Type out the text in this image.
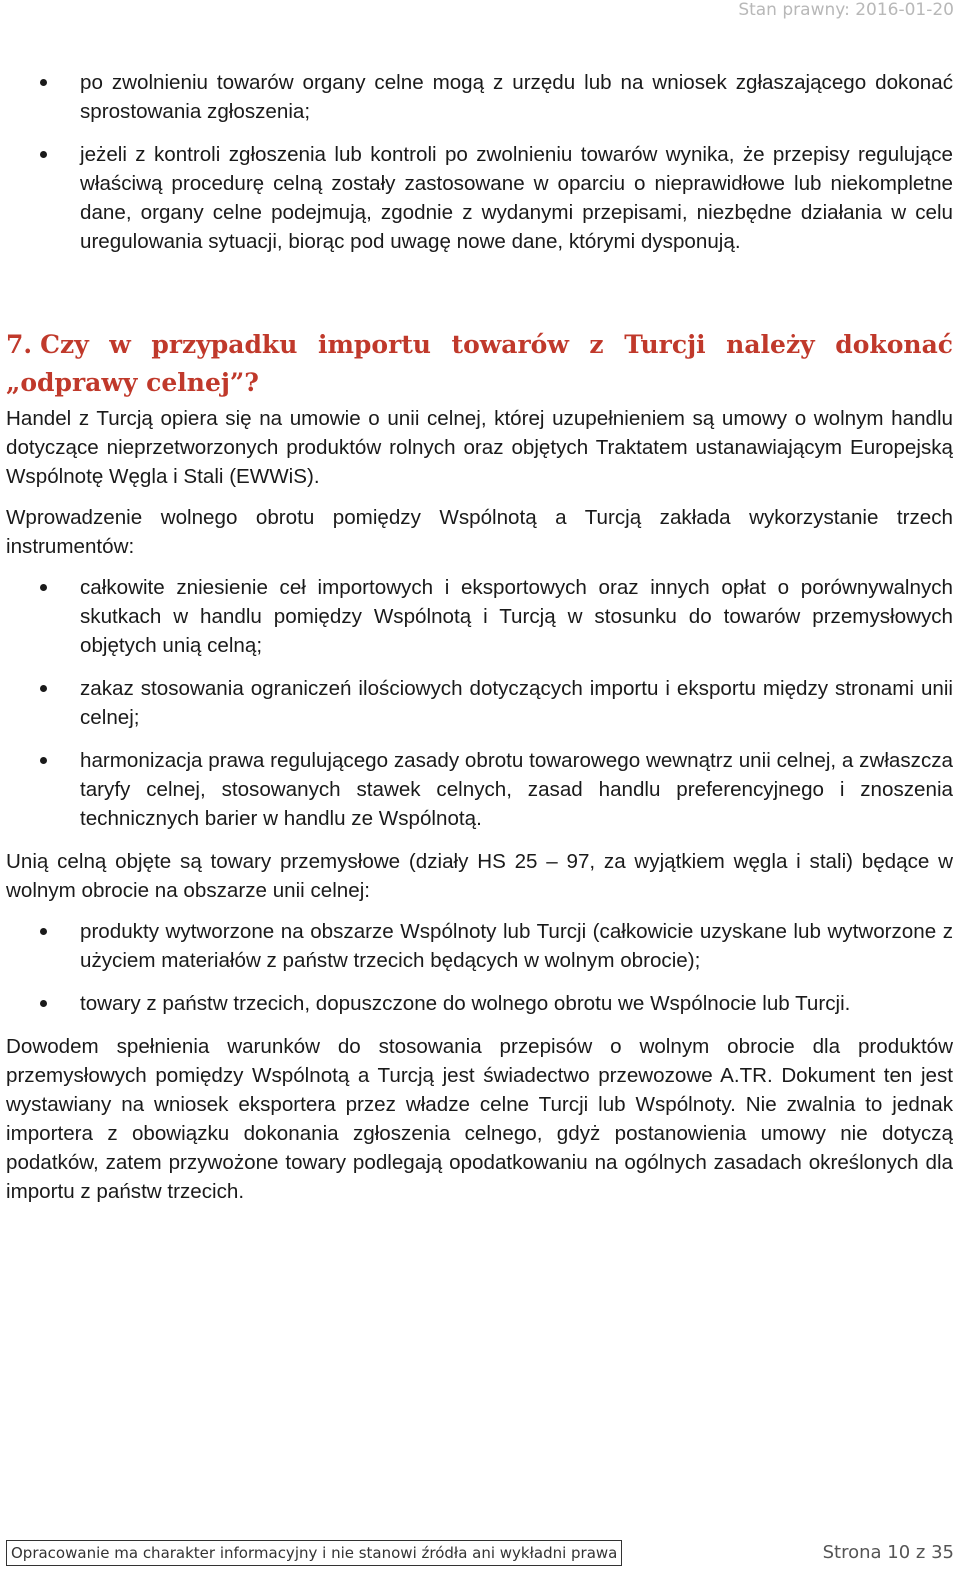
Stan prawny: 2016-01-20
po zwolnieniu towarów organy celne mogą z urzędu lub na wniosek zgłaszającego dokonać sprostowania zgłoszenia;
jeżeli z kontroli zgłoszenia lub kontroli po zwolnieniu towarów wynika, że przepisy regulujące właściwą procedurę celną zostały zastosowane w oparciu o nieprawidłowe lub niekompletne dane, organy celne podejmują, zgodnie z wydanymi przepisami, niezbędne działania w celu uregulowania sytuacji, biorąc pod uwagę nowe dane, którymi dysponują.
7. Czy w przypadku importu towarów z Turcji należy dokonać „odprawy celnej”?

Handel z Turcją opiera się na umowie o unii celnej, której uzupełnieniem są umowy o wolnym handlu dotyczące nieprzetworzonych produktów rolnych oraz objętych Traktatem ustanawiającym Europejską Wspólnotę Węgla i Stali (EWWiS).

Wprowadzenie wolnego obrotu pomiędzy Wspólnotą a Turcją zakłada wykorzystanie trzech instrumentów:

całkowite zniesienie ceł importowych i eksportowych oraz innych opłat o porównywalnych skutkach w handlu pomiędzy Wspólnotą i Turcją w stosunku do towarów przemysłowych objętych unią celną;
zakaz stosowania ograniczeń ilościowych dotyczących importu i eksportu między stronami unii celnej;
harmonizacja prawa regulującego zasady obrotu towarowego wewnątrz unii celnej, a zwłaszcza taryfy celnej, stosowanych stawek celnych, zasad handlu preferencyjnego i znoszenia technicznych barier w handlu ze Wspólnotą.

Unią celną objęte są towary przemysłowe (działy HS 25 – 97, za wyjątkiem węgla i stali) będące w wolnym obrocie na obszarze unii celnej:

produkty wytworzone na obszarze Wspólnoty lub Turcji (całkowicie uzyskane lub wytworzone z użyciem materiałów z państw trzecich będących w wolnym obrocie);
towary z państw trzecich, dopuszczone do wolnego obrotu we Wspólnocie lub Turcji.

Dowodem spełnienia warunków do stosowania przepisów o wolnym obrocie dla produktów przemysłowych pomiędzy Wspólnotą a Turcją jest świadectwo przewozowe A.TR. Dokument ten jest wystawiany na wniosek eksportera przez władze celne Turcji lub Wspólnoty. Nie zwalnia to jednak importera z obowiązku dokonania zgłoszenia celnego, gdyż postanowienia umowy nie dotyczą podatków, zatem przywożone towary podlegają opodatkowaniu na ogólnych zasadach określonych dla importu z państw trzecich.

Opracowanie ma charakter informacyjny i nie stanowi źródła ani wykładni prawa	Strona 10 z 35
